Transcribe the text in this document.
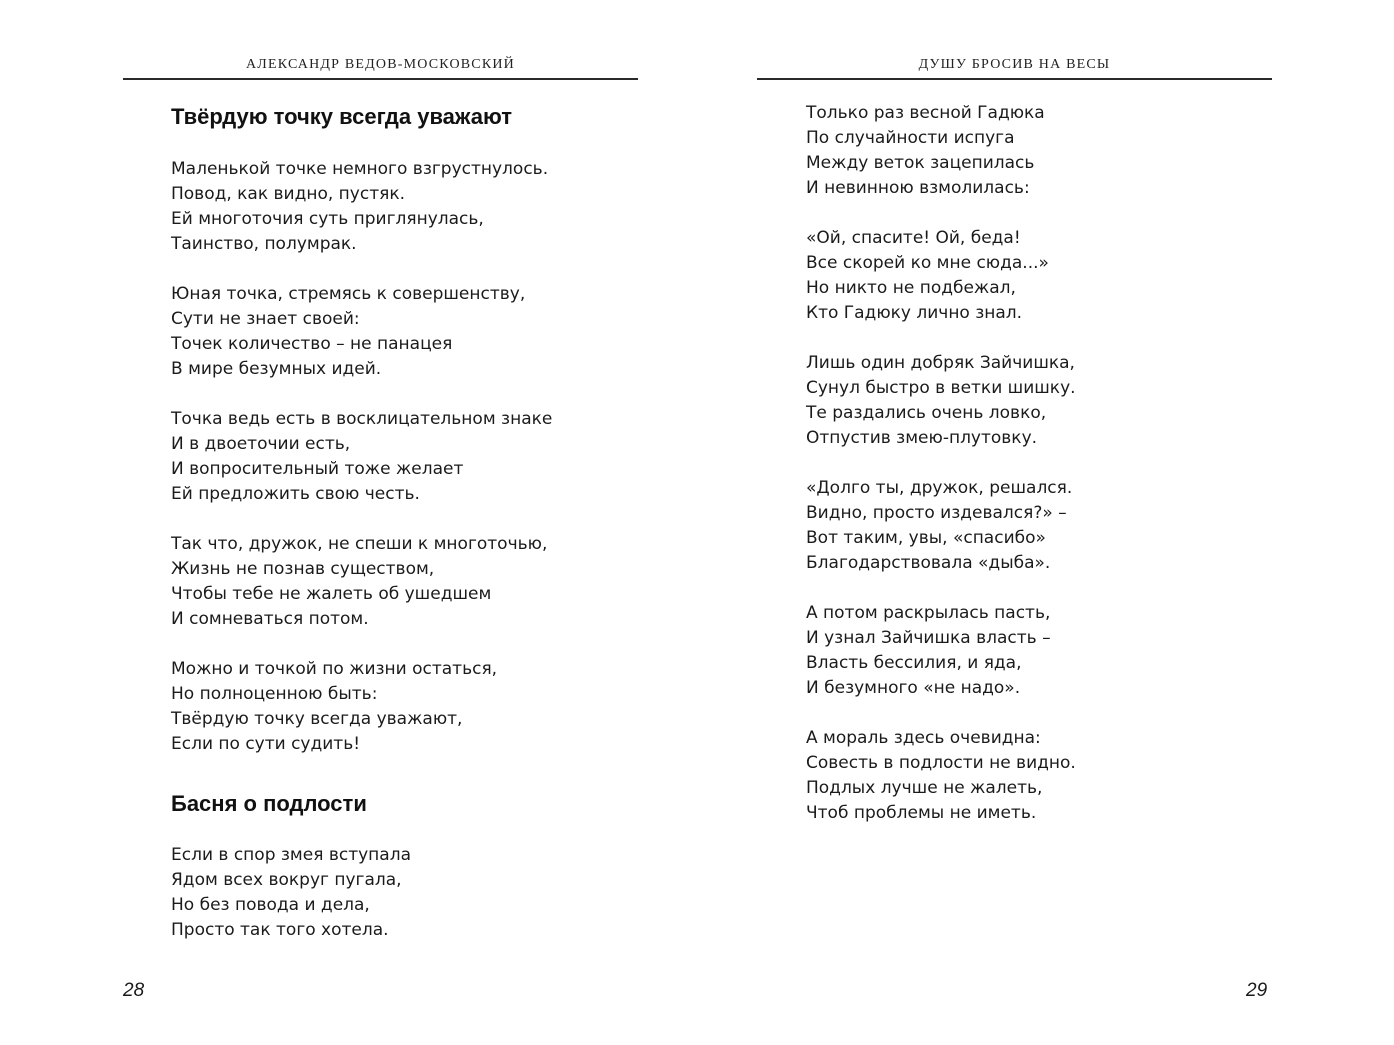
АЛЕКСАНДР ВЕДОВ-МОСКОВСКИЙ
Твёрдую точку всегда уважают
Маленькой точке немного взгрустнулось.
Повод, как видно, пустяк.
Ей многоточия суть приглянулась,
Таинство, полумрак.
Юная точка, стремясь к совершенству,
Сути не знает своей:
Точек количество – не панацея
В мире безумных идей.
Точка ведь есть в восклицательном знаке
И в двоеточии есть,
И вопросительный тоже желает
Ей предложить свою честь.
Так что, дружок, не спеши к многоточью,
Жизнь не познав существом,
Чтобы тебе не жалеть об ушедшем
И сомневаться потом.
Можно и точкой по жизни остаться,
Но полноценною быть:
Твёрдую точку всегда уважают,
Если по сути судить!
Басня о подлости
Если в спор змея вступала
Ядом всех вокруг пугала,
Но без повода и дела,
Просто так того хотела.
28
ДУШУ БРОСИВ НА ВЕСЫ
Только раз весной Гадюка
По случайности испуга
Между веток зацепилась
И невинною взмолилась:
«Ой, спасите! Ой, беда!
Все скорей ко мне сюда...»
Но никто не подбежал,
Кто Гадюку лично знал.
Лишь один добряк Зайчишка,
Сунул быстро в ветки шишку.
Те раздались очень ловко,
Отпустив змею-плутовку.
«Долго ты, дружок, решался.
Видно, просто издевался?» –
Вот таким, увы, «спасибо»
Благодарствовала «дыба».
А потом раскрылась пасть,
И узнал Зайчишка власть –
Власть бессилия, и яда,
И безумного «не надо».
А мораль здесь очевидна:
Совесть в подлости не видно.
Подлых лучше не жалеть,
Чтоб проблемы не иметь.
29
